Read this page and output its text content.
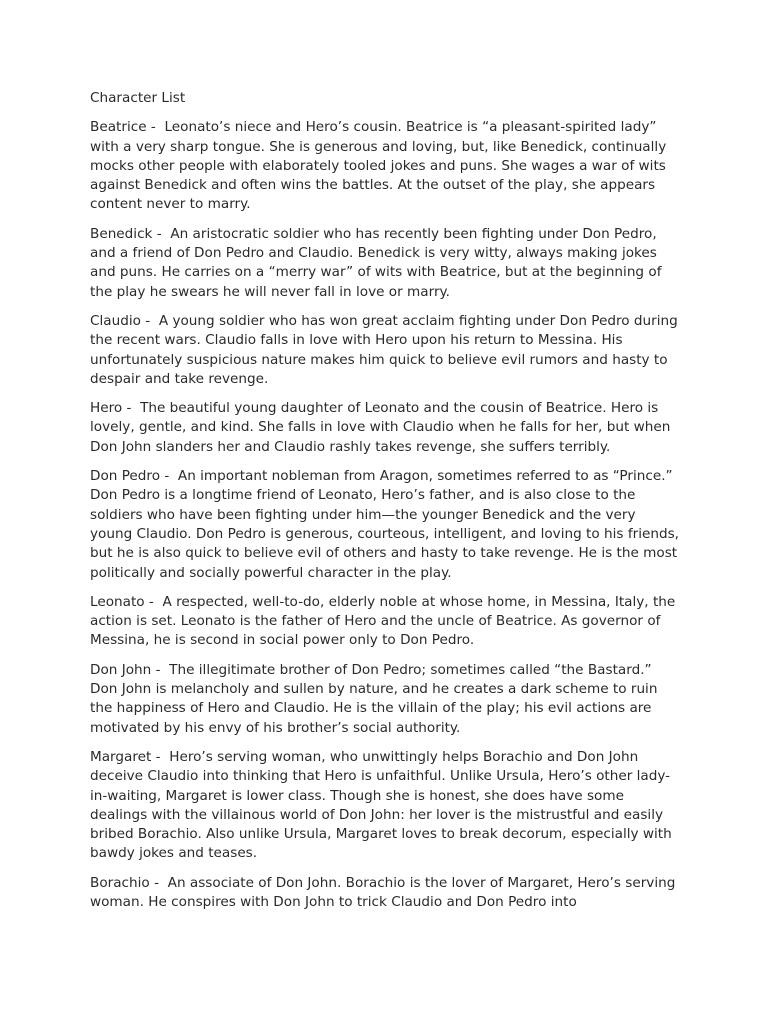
Character List

Beatrice - Leonato’s niece and Hero’s cousin. Beatrice is “a pleasant-spirited lady” with a very sharp tongue. She is generous and loving, but, like Benedick, continually mocks other people with elaborately tooled jokes and puns. She wages a war of wits against Benedick and often wins the battles. At the outset of the play, she appears content never to marry.

Benedick - An aristocratic soldier who has recently been fighting under Don Pedro, and a friend of Don Pedro and Claudio. Benedick is very witty, always making jokes and puns. He carries on a “merry war” of wits with Beatrice, but at the beginning of the play he swears he will never fall in love or marry.

Claudio - A young soldier who has won great acclaim fighting under Don Pedro during the recent wars. Claudio falls in love with Hero upon his return to Messina. His unfortunately suspicious nature makes him quick to believe evil rumors and hasty to despair and take revenge.

Hero - The beautiful young daughter of Leonato and the cousin of Beatrice. Hero is lovely, gentle, and kind. She falls in love with Claudio when he falls for her, but when Don John slanders her and Claudio rashly takes revenge, she suffers terribly.

Don Pedro - An important nobleman from Aragon, sometimes referred to as “Prince.” Don Pedro is a longtime friend of Leonato, Hero’s father, and is also close to the soldiers who have been fighting under him—the younger Benedick and the very young Claudio. Don Pedro is generous, courteous, intelligent, and loving to his friends, but he is also quick to believe evil of others and hasty to take revenge. He is the most politically and socially powerful character in the play.

Leonato - A respected, well-to-do, elderly noble at whose home, in Messina, Italy, the action is set. Leonato is the father of Hero and the uncle of Beatrice. As governor of Messina, he is second in social power only to Don Pedro.

Don John - The illegitimate brother of Don Pedro; sometimes called “the Bastard.” Don John is melancholy and sullen by nature, and he creates a dark scheme to ruin the happiness of Hero and Claudio. He is the villain of the play; his evil actions are motivated by his envy of his brother’s social authority.

Margaret - Hero’s serving woman, who unwittingly helps Borachio and Don John deceive Claudio into thinking that Hero is unfaithful. Unlike Ursula, Hero’s other lady-in-waiting, Margaret is lower class. Though she is honest, she does have some dealings with the villainous world of Don John: her lover is the mistrustful and easily bribed Borachio. Also unlike Ursula, Margaret loves to break decorum, especially with bawdy jokes and teases.

Borachio - An associate of Don John. Borachio is the lover of Margaret, Hero’s serving woman. He conspires with Don John to trick Claudio and Don Pedro into
